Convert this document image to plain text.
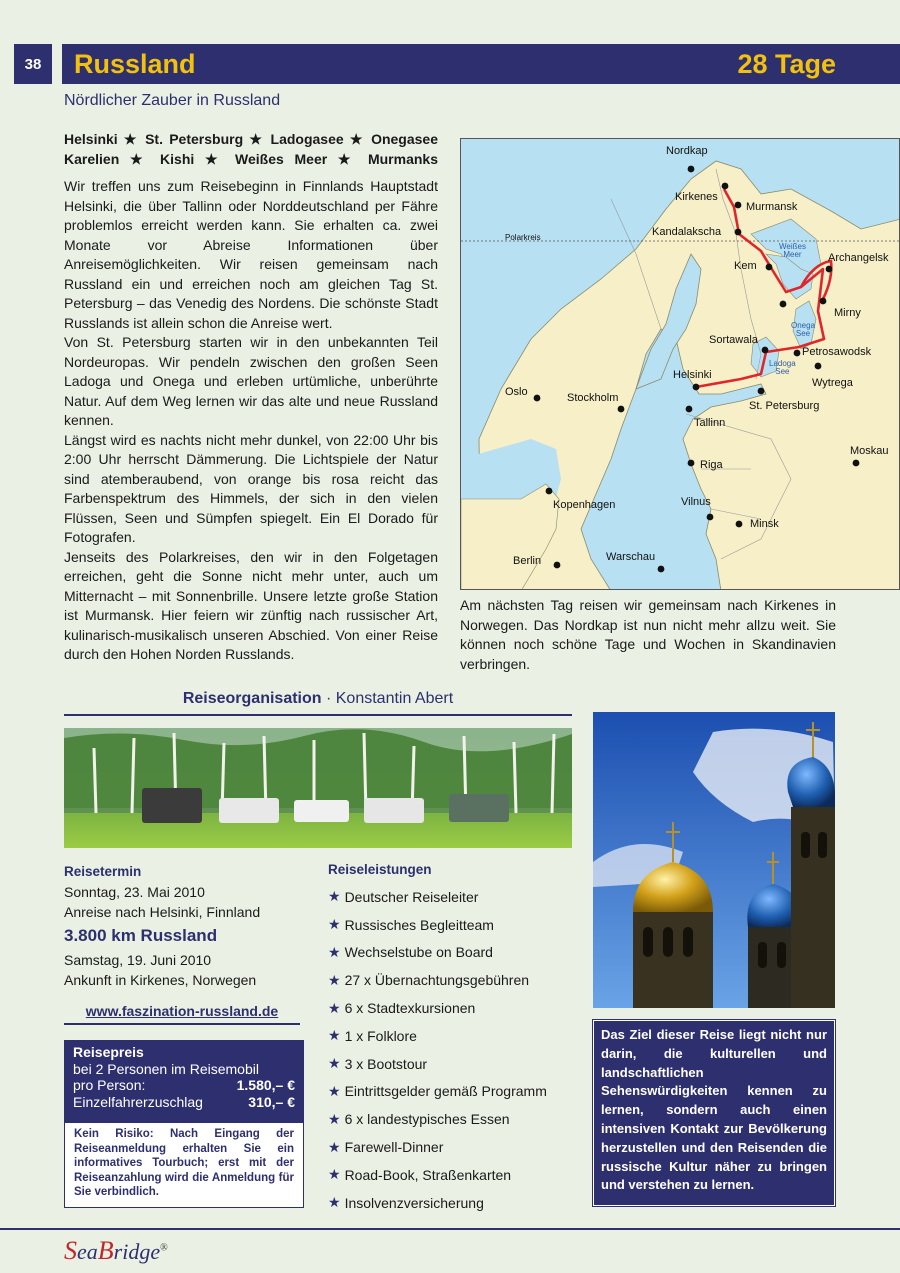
38	Russland	28 Tage
Nördlicher Zauber in Russland
Helsinki ★ St. Petersburg ★ Ladogasee ★ Onegasee Karelien ★ Kishi ★ Weißes Meer ★ Murmanks

Wir treffen uns zum Reisebeginn in Finnlands Hauptstadt Helsinki, die über Tallinn oder Norddeutschland per Fähre problemlos erreicht werden kann. Sie erhalten ca. zwei Monate vor Abreise Informationen über Anreisemöglichkeiten. Wir reisen gemeinsam nach Russland ein und erreichen noch am gleichen Tag St. Petersburg – das Venedig des Nordens. Die schönste Stadt Russlands ist allein schon die Anreise wert.

Von St. Petersburg starten wir in den unbekannten Teil Nordeuropas. Wir pendeln zwischen den großen Seen Ladoga und Onega und erleben urtümliche, unberührte Natur. Auf dem Weg lernen wir das alte und neue Russland kennen.

Längst wird es nachts nicht mehr dunkel, von 22:00 Uhr bis 2:00 Uhr herrscht Dämmerung. Die Lichtspiele der Natur sind atemberaubend, von orange bis rosa reicht das Farbenspektrum des Himmels, der sich in den vielen Flüssen, Seen und Sümpfen spiegelt. Ein El Dorado für Fotografen.

Jenseits des Polarkreises, den wir in den Folgetagen erreichen, geht die Sonne nicht mehr unter, auch um Mitternacht – mit Sonnenbrille. Unsere letzte große Station ist Murmansk. Hier feiern wir zünftig nach russischer Art, kulinarisch-musikalisch unseren Abschied. Von einer Reise durch den Hohen Norden Russlands.

Polarkreis
Nordkap
Kirkenes
Murmansk
Kandalakscha
Kem
Archangelsk
Mirny
Sortawala
Petrosawodsk
Wytrega
Helsinki
St. Petersburg
Oslo	Stockholm
Tallinn
Riga
Moskau
Kopenhagen	Vilnus
Minsk
Berlin	Warschau
Weißes
Meer
Onega
See
Ladoga
See
Am nächsten Tag reisen wir gemeinsam nach Kirkenes in Norwegen. Das Nordkap ist nun nicht mehr allzu weit. Sie können noch schöne Tage und Wochen in Skandinavien verbringen.
Reiseorganisation · Konstantin Abert
Reisetermin
Sonntag, 23. Mai 2010
Anreise nach Helsinki, Finnland
3.800 km Russland
Samstag, 19. Juni 2010
Ankunft in Kirkenes, Norwegen
www.faszination-russland.de
Reisepreis
bei 2 Personen im Reisemobil
pro Person:	1.580,– €
Einzelfahrerzuschlag	310,– €
Kein Risiko: Nach Eingang der Reiseanmeldung erhalten Sie ein informatives Tourbuch; erst mit der Reiseanzahlung wird die Anmeldung für Sie verbindlich.
Reiseleistungen
★ Deutscher Reiseleiter
★ Russisches Begleitteam
★ Wechselstube on Board
★ 27 x Übernachtungsgebühren
★ 6 x Stadtexkursionen
★ 1 x Folklore
★ 3 x Bootstour
★ Eintrittsgelder gemäß Programm
★ 6 x landestypisches Essen
★ Farewell-Dinner
★ Road-Book, Straßenkarten
★ Insolvenzversicherung
Das Ziel dieser Reise liegt nicht nur darin, die kulturellen und landschaftlichen Sehenswürdigkeiten kennen zu lernen, sondern auch einen intensiven Kontakt zur Bevölkerung herzustellen und den Reisenden die russische Kultur näher zu bringen und verstehen zu lernen.
SeaBridge®
